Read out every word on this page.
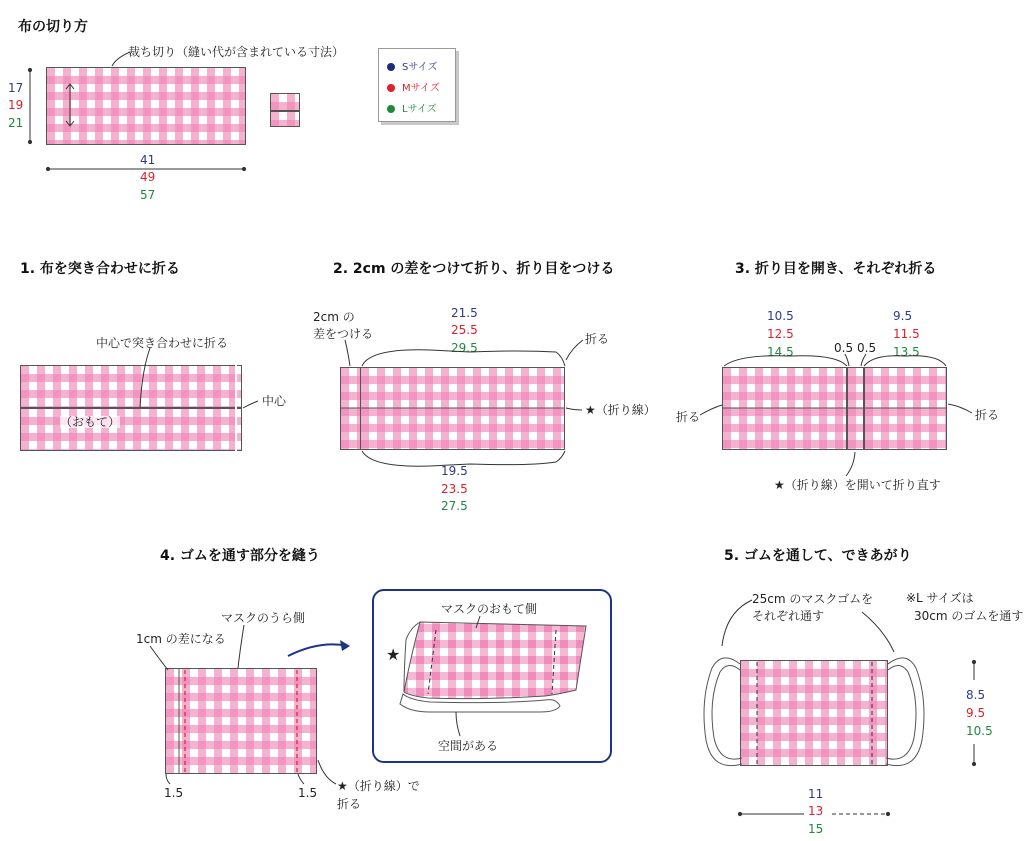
布の切り方
裁ち切り（縫い代が含まれている寸法）
17
19
21
41
49
57
Sサイズ
Mサイズ
Lサイズ
1. 布を突き合わせに折る
中心で突き合わせに折る
中心
（おもて）
2. 2cm の差をつけて折り、折り目をつける
2cm の
差をつける
21.5
25.5
29.5
折る
★（折り線）
19.5
23.5
27.5
3. 折り目を開き、それぞれ折る
10.5
12.5
14.5	0.5 0.5
9.5
11.5
13.5
折る	折る
★（折り線）を開いて折り直す
4. ゴムを通す部分を縫う
マスクのうら側
1cm の差になる
1.5	1.5 ★（折り線）で
折る
マスクのおもて側
★
空間がある
5. ゴムを通して、できあがり
25cm のマスクゴムを
それぞれ通す
※L サイズは
30cm のゴムを通す
8.5
9.5
10.5
11
13
15
